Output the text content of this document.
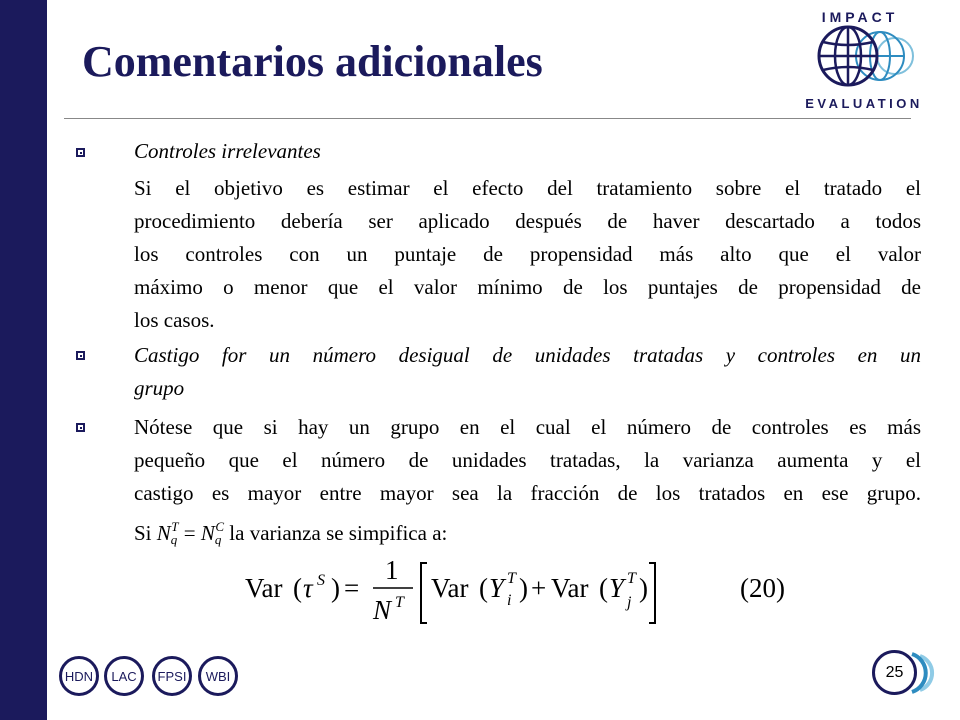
Comentarios adicionales
IMPACT
EVALUATION
Controles irrelevantes
Si el objetivo es estimar el efecto del tratamiento sobre el tratado el
procedimiento debería ser aplicado después de haver descartado a todos
los controles con un puntaje de propensidad más alto que el valor
máximo o menor que el valor mínimo de los puntajes de propensidad de
los casos.
Castigo for un número desigual de unidades tratadas y controles en un
grupo
Nótese que si hay un grupo en el cual el número de controles es más
pequeño que el número de unidades tratadas, la varianza aumenta y el
castigo es mayor entre mayor sea la fracción de los tratados en ese grupo.
Si $N_q^T = N_q^C$ la varianza se simpifica a:
Var ( τ S ) =
1
N T Var ( Y T
i ) + Var ( Y T
j )	(20)
HDN	LAC	FPSI	WBI	25
